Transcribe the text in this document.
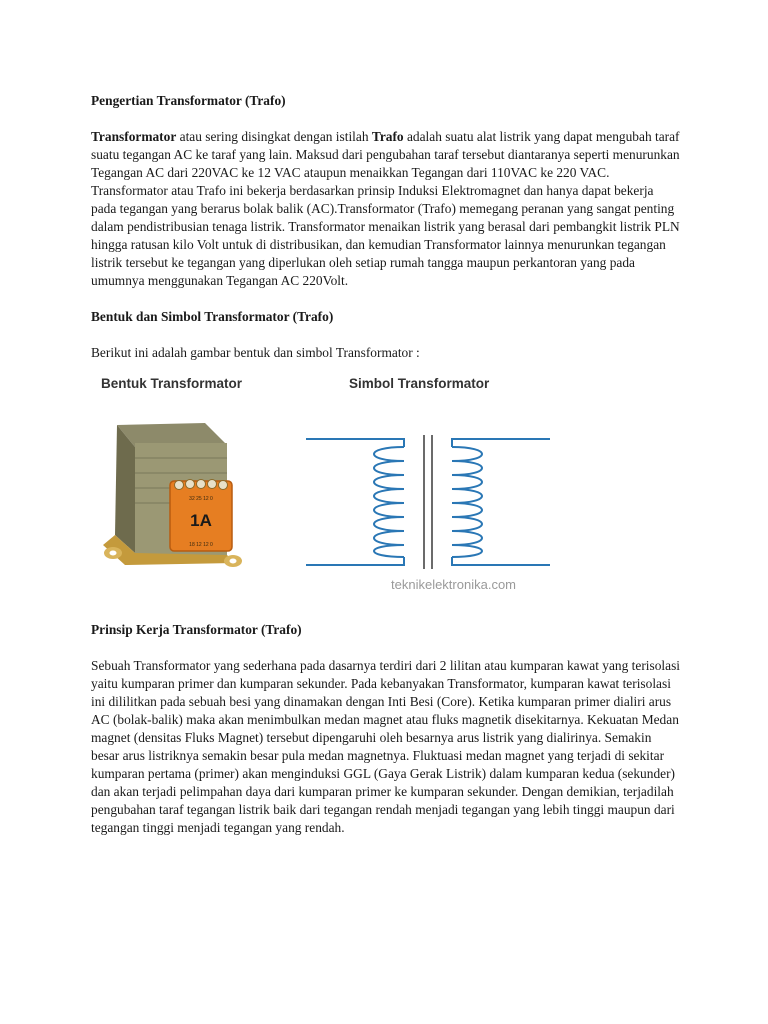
Pengertian Transformator (Trafo)

Transformator atau sering disingkat dengan istilah Trafo adalah suatu alat listrik yang dapat mengubah taraf suatu tegangan AC ke taraf yang lain. Maksud dari pengubahan taraf tersebut diantaranya seperti menurunkan Tegangan AC dari 220VAC ke 12 VAC ataupun menaikkan Tegangan dari 110VAC ke 220 VAC. Transformator atau Trafo ini bekerja berdasarkan prinsip Induksi Elektromagnet dan hanya dapat bekerja pada tegangan yang berarus bolak balik (AC).Transformator (Trafo) memegang peranan yang sangat penting dalam pendistribusian tenaga listrik. Transformator menaikan listrik yang berasal dari pembangkit listrik PLN hingga ratusan kilo Volt untuk di distribusikan, dan kemudian Transformator lainnya menurunkan tegangan listrik tersebut ke tegangan yang diperlukan oleh setiap rumah tangga maupun perkantoran yang pada umumnya menggunakan Tegangan AC 220Volt.

Bentuk dan Simbol Transformator (Trafo)

Berikut ini adalah gambar bentuk dan simbol Transformator :

Bentuk Transformator	Simbol Transformator
1A
32 25 12 0
18 12 12 0
teknikelektronika.com
Prinsip Kerja Transformator (Trafo)

Sebuah Transformator yang sederhana pada dasarnya terdiri dari 2 lilitan atau kumparan kawat yang terisolasi yaitu kumparan primer dan kumparan sekunder. Pada kebanyakan Transformator, kumparan kawat terisolasi ini dililitkan pada sebuah besi yang dinamakan dengan Inti Besi (Core). Ketika kumparan primer dialiri arus AC (bolak-balik) maka akan menimbulkan medan magnet atau fluks magnetik disekitarnya. Kekuatan Medan magnet (densitas Fluks Magnet) tersebut dipengaruhi oleh besarnya arus listrik yang dialirinya. Semakin besar arus listriknya semakin besar pula medan magnetnya. Fluktuasi medan magnet yang terjadi di sekitar kumparan pertama (primer) akan menginduksi GGL (Gaya Gerak Listrik) dalam kumparan kedua (sekunder) dan akan terjadi pelimpahan daya dari kumparan primer ke kumparan sekunder. Dengan demikian, terjadilah pengubahan taraf tegangan listrik baik dari tegangan rendah menjadi tegangan yang lebih tinggi maupun dari tegangan tinggi menjadi tegangan yang rendah.
